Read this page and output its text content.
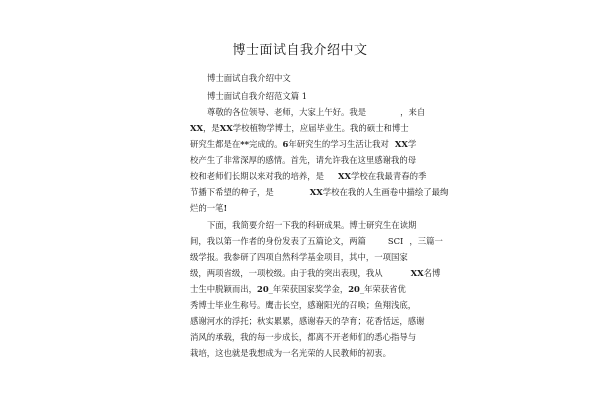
博士面试自我介绍中文
博士面试自我介绍中文
博士面试自我介绍范文篇 1
尊敬的各位领导、老师，大家上午好。我是	，来自
XX，是XX学校植物学博士，应届毕业生。我的硕士和博士
研究生都是在**完成的。6年研究生的学习生活让我对 XX学
校产生了非常深厚的感情。首先，请允许我在这里感谢我的母
校和老师们长期以来对我的培养，是 XX学校在我最青春的季
节播下希望的种子，是	XX学校在我的人生画卷中描绘了最绚
烂的一笔!
下面，我简要介绍一下我的科研成果。博士研究生在读期
间，我以第一作者的身份发表了五篇论文，两篇	SCI ，三篇一
级学报。我参研了四项自然科学基金项目，其中，一项国家
级，两项省级，一项校级。由于我的突出表现，我从	XX名博
士生中脱颖而出，20_年荣获国家奖学金，20_年荣获省优
秀博士毕业生称号。鹰击长空，感谢阳光的召唤；鱼翔浅底，
感谢河水的浮托；秋实累累，感谢春天的孕育；花香恬远，感谢
消风的承载，我的每一步成长，都离不开老师们的悉心指导与
栽培，这也就是我想成为一名光荣的人民教师的初衷。
